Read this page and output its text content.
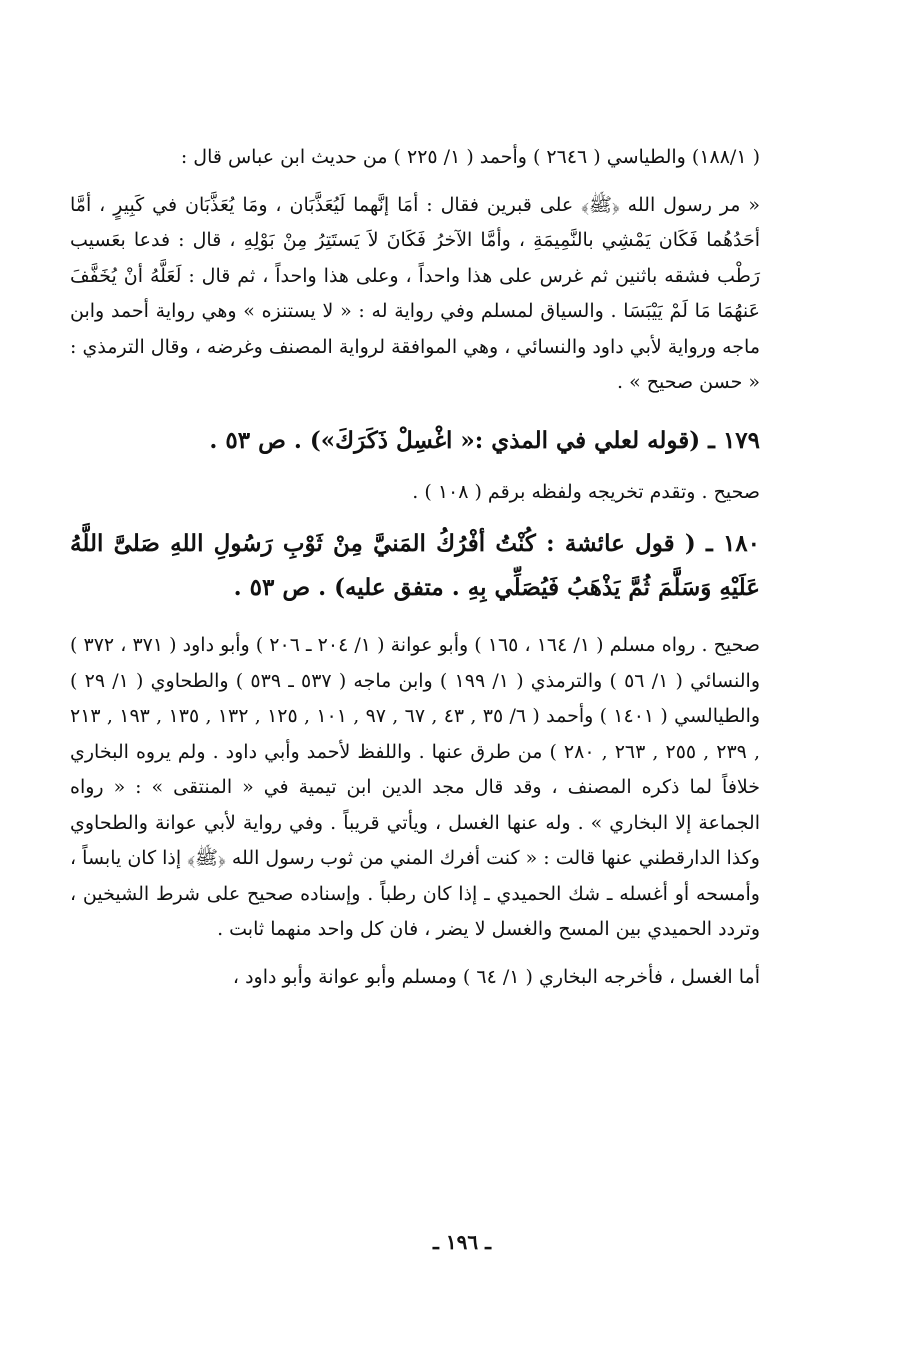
( ١٨٨/١) والطياسي ( ٢٦٤٦ ) وأحمد ( ١/ ٢٢٥ ) من حديث ابن عباس قال :

« مر رسول الله ﴿ﷺ﴾ على قبرين فقال : أمَا إنَّهما لَيُعَذَّبَان ، ومَا يُعَذَّبَان في كَبِيرٍ ، أمَّا أحَدُهُما فَكَان يَمْشِي بالنَّمِيمَةِ ، وأمَّا الآخرُ فَكَانَ لاَ يَستَتِرُ مِنْ بَوْلِهِ ، قال : فدعا بعَسيب رَطْب فشقه باثنين ثم غرس على هذا واحداً ، وعلى هذا واحداً ، ثم قال : لَعَلَّهُ أنْ يُخَفَّفَ عَنهُمَا مَا لَمْ يَيْبَسَا . والسياق لمسلم وفي رواية له : « لا يستنزه » وهي رواية أحمد وابن ماجه ورواية لأبي داود والنسائي ، وهي الموافقة لرواية المصنف وغرضه ، وقال الترمذي : « حسن صحيح » .

١٧٩ ـ (قوله لعلي في المذي :« اغْسِلْ ذَكَرَكَ») . ص ٥٣ .

صحيح . وتقدم تخريجه ولفظه برقم ( ١٠٨ ) .

١٨٠ ـ ( قول عائشة : كُنْتُ أفْرُكُ المَنيَّ مِنْ ثَوْبِ رَسُولِ اللهِ صَلىَّ اللَّهُ عَلَيْهِ وَسَلَّمَ ثُمَّ يَذْهَبُ فَيُصَلِّي بِهِ . متفق عليه) . ص ٥٣ .

صحيح . رواه مسلم ( ١/ ١٦٤ ، ١٦٥ ) وأبو عوانة ( ١/ ٢٠٤ ـ ٢٠٦ ) وأبو داود ( ٣٧١ ، ٣٧٢ ) والنسائي ( ١/ ٥٦ ) والترمذي ( ١/ ١٩٩ ) وابن ماجه ( ٥٣٧ ـ ٥٣٩ ) والطحاوي ( ١/ ٢٩ ) والطيالسي ( ١٤٠١ ) وأحمد ( ٦/ ٣٥ , ٤٣ , ٦٧ , ٩٧ , ١٠١ , ١٢٥ , ١٣٢ , ١٣٥ , ١٩٣ , ٢١٣ , ٢٣٩ , ٢٥٥ , ٢٦٣ , ٢٨٠ ) من طرق عنها . واللفظ لأحمد وأبي داود . ولم يروه البخاري خلافاً لما ذكره المصنف ، وقد قال مجد الدين ابن تيمية في « المنتقى » : « رواه الجماعة إلا البخاري » . وله عنها الغسل ، ويأتي قريباً . وفي رواية لأبي عوانة والطحاوي وكذا الدارقطني عنها قالت : « كنت أفرك المني من ثوب رسول الله ﴿ﷺ﴾ إذا كان يابساً ، وأمسحه أو أغسله ـ شك الحميدي ـ إذا كان رطباً . وإسناده صحيح على شرط الشيخين ، وتردد الحميدي بين المسح والغسل لا يضر ، فان كل واحد منهما ثابت .

أما الغسل ، فأخرجه البخاري ( ١/ ٦٤ ) ومسلم وأبو عوانة وأبو داود ،

ـ ١٩٦ ـ
